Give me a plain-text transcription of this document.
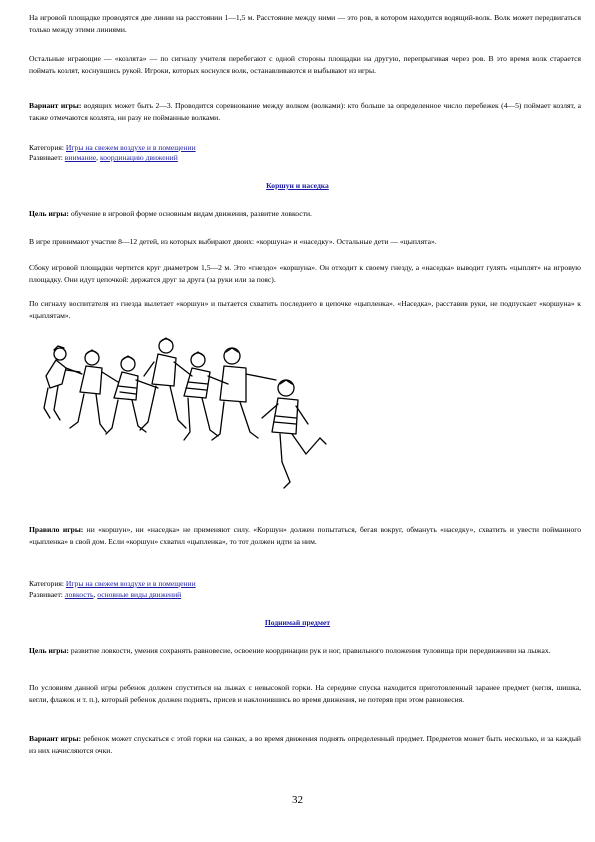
На игровой площадке проводятся две линии на расстоянии 1—1,5 м. Расстояние между ними — это ров, в котором находится водящий-волк. Волк может передвигаться только между этими линиями.

Остальные играющие — «козлята» — по сигналу учителя перебегают с одной стороны площадки на другую, перепрыгивая через ров. В это время волк старается поймать козлят, коснувшись рукой. Игроки, которых коснулся волк, останавливаются и выбывают из игры.

Вариант игры: водящих может быть 2—3. Проводится соревнование между волком (волками): кто больше за определенное число перебежек (4—5) поймает козлят, а также отмечаются козлята, ни разу не пойманные волками.

Категория: Игры на свежем воздухе и в помещении

Развивает: внимание, координацию движений

Коршун и наседка

Цель игры: обучение в игровой форме основным видам движения, развитие ловкости.

В игре принимают участие 8—12 детей, из которых выбирают двоих: «коршуна» и «наседку». Остальные дети — «цыплята».

Сбоку игровой площадки чертится круг диаметром 1,5—2 м. Это «гнездо» «коршуна». Он отходит к своему гнезду, а «наседка» выводит гулять «цыплят» на игровую площадку. Они идут цепочкой: держатся друг за друга (за руки или за пояс).

По сигналу воспитателя из гнезда вылетает «коршун» и пытается схватить последнего в цепочке «цыпленка». «Наседка», расставив руки, не подпускает «коршуна» к «цыплятам».

Правило игры: ни «коршун», ни «наседка» не применяют силу. «Коршун» должен попытаться, бегая вокруг, обмануть «наседку», схватить и увести пойманного «цыпленка» в свой дом. Если «коршун» схватил «цыпленка», то тот должен идти за ним.

Категория: Игры на свежем воздухе и в помещении

Развивает: ловкость, основные виды движений

Поднимай предмет

Цель игры: развитие ловкости, умения сохранять равновесие, освоение координации рук и ног, правильного положения туловища при передвижении на лыжах.

По условиям данной игры ребенок должен спуститься на лыжах с невысокой горки. На середине спуска находится приготовленный заранее предмет (кегля, шишка, кегли, флажок и т. п.), который ребенок должен поднять, присев и наклонившись во время движения, не потеряв при этом равновесия.

Вариант игры: ребенок может спускаться с этой горки на санках, а во время движения поднять определенный предмет. Предметов может быть несколько, и за каждый из них начисляются очки.

32
